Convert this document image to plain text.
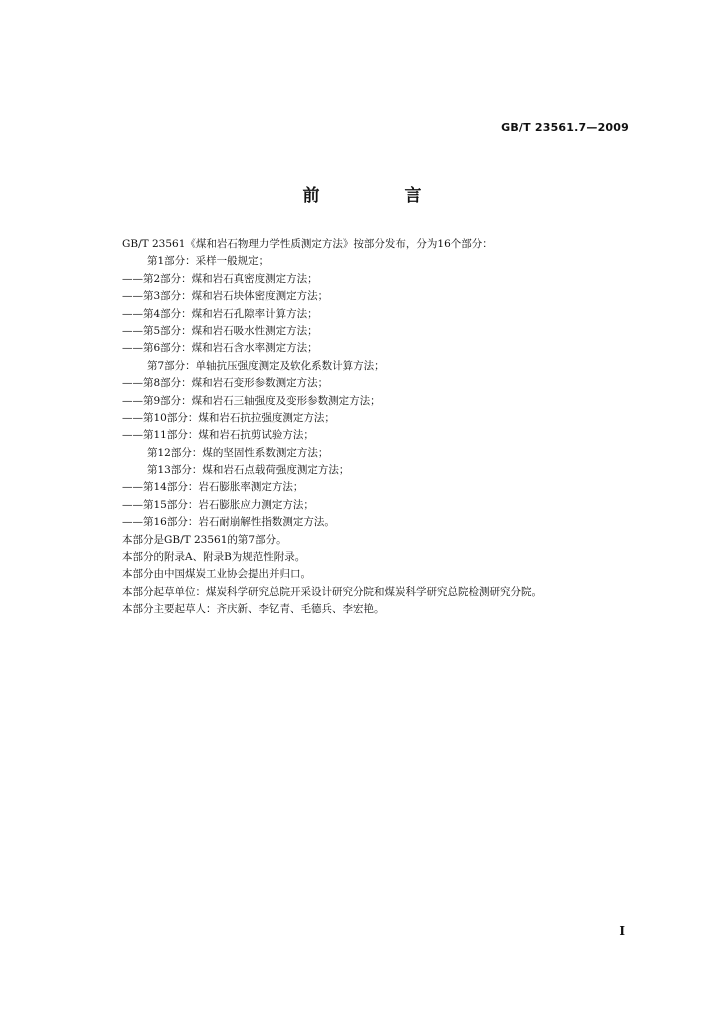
GB/T 23561.7—2009
前　言
GB/T 23561《煤和岩石物理力学性质测定方法》按部分发布，分为16个部分：
第1部分：采样一般规定；
——第2部分：煤和岩石真密度测定方法；
——第3部分：煤和岩石块体密度测定方法；
——第4部分：煤和岩石孔隙率计算方法；
——第5部分：煤和岩石吸水性测定方法；
——第6部分：煤和岩石含水率测定方法；
第7部分：单轴抗压强度测定及软化系数计算方法；
——第8部分：煤和岩石变形参数测定方法；
——第9部分：煤和岩石三轴强度及变形参数测定方法；
——第10部分：煤和岩石抗拉强度测定方法；
——第11部分：煤和岩石抗剪试验方法；
第12部分：煤的坚固性系数测定方法；
第13部分：煤和岩石点载荷强度测定方法；
——第14部分：岩石膨胀率测定方法；
——第15部分：岩石膨胀应力测定方法；
——第16部分：岩石耐崩解性指数测定方法。
本部分是GB/T 23561的第7部分。
本部分的附录A、附录B为规范性附录。
本部分由中国煤炭工业协会提出并归口。
本部分起草单位：煤炭科学研究总院开采设计研究分院和煤炭科学研究总院检测研究分院。
本部分主要起草人：齐庆新、李钇青、毛德兵、李宏艳。
I
